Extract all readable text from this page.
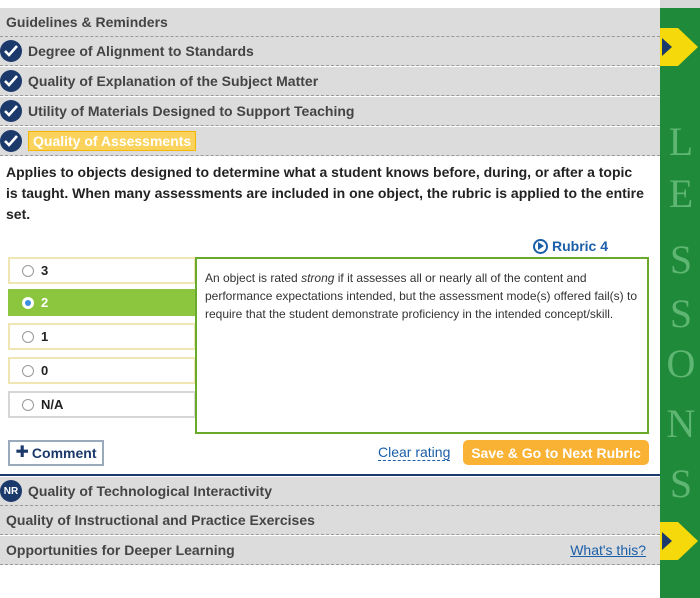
L
E
S
S
O
N
S
Guidelines & Reminders
Degree of Alignment to Standards
Quality of Explanation of the Subject Matter
Utility of Materials Designed to Support Teaching
Quality of Assessments
Applies to objects designed to determine what a student knows before, during, or after a topic is taught. When many assessments are included in one object, the rubric is applied to the entire set.
Rubric 4
3
2
1
0
N/A
An object is rated strong if it assesses all or nearly all of the content and performance expectations intended, but the assessment mode(s) offered fail(s) to require that the student demonstrate proficiency in the intended concept/skill.
✚ Comment	Clear rating	Save & Go to Next Rubric
NR Quality of Technological Interactivity
Quality of Instructional and Practice Exercises
Opportunities for Deeper Learning	What's this?
